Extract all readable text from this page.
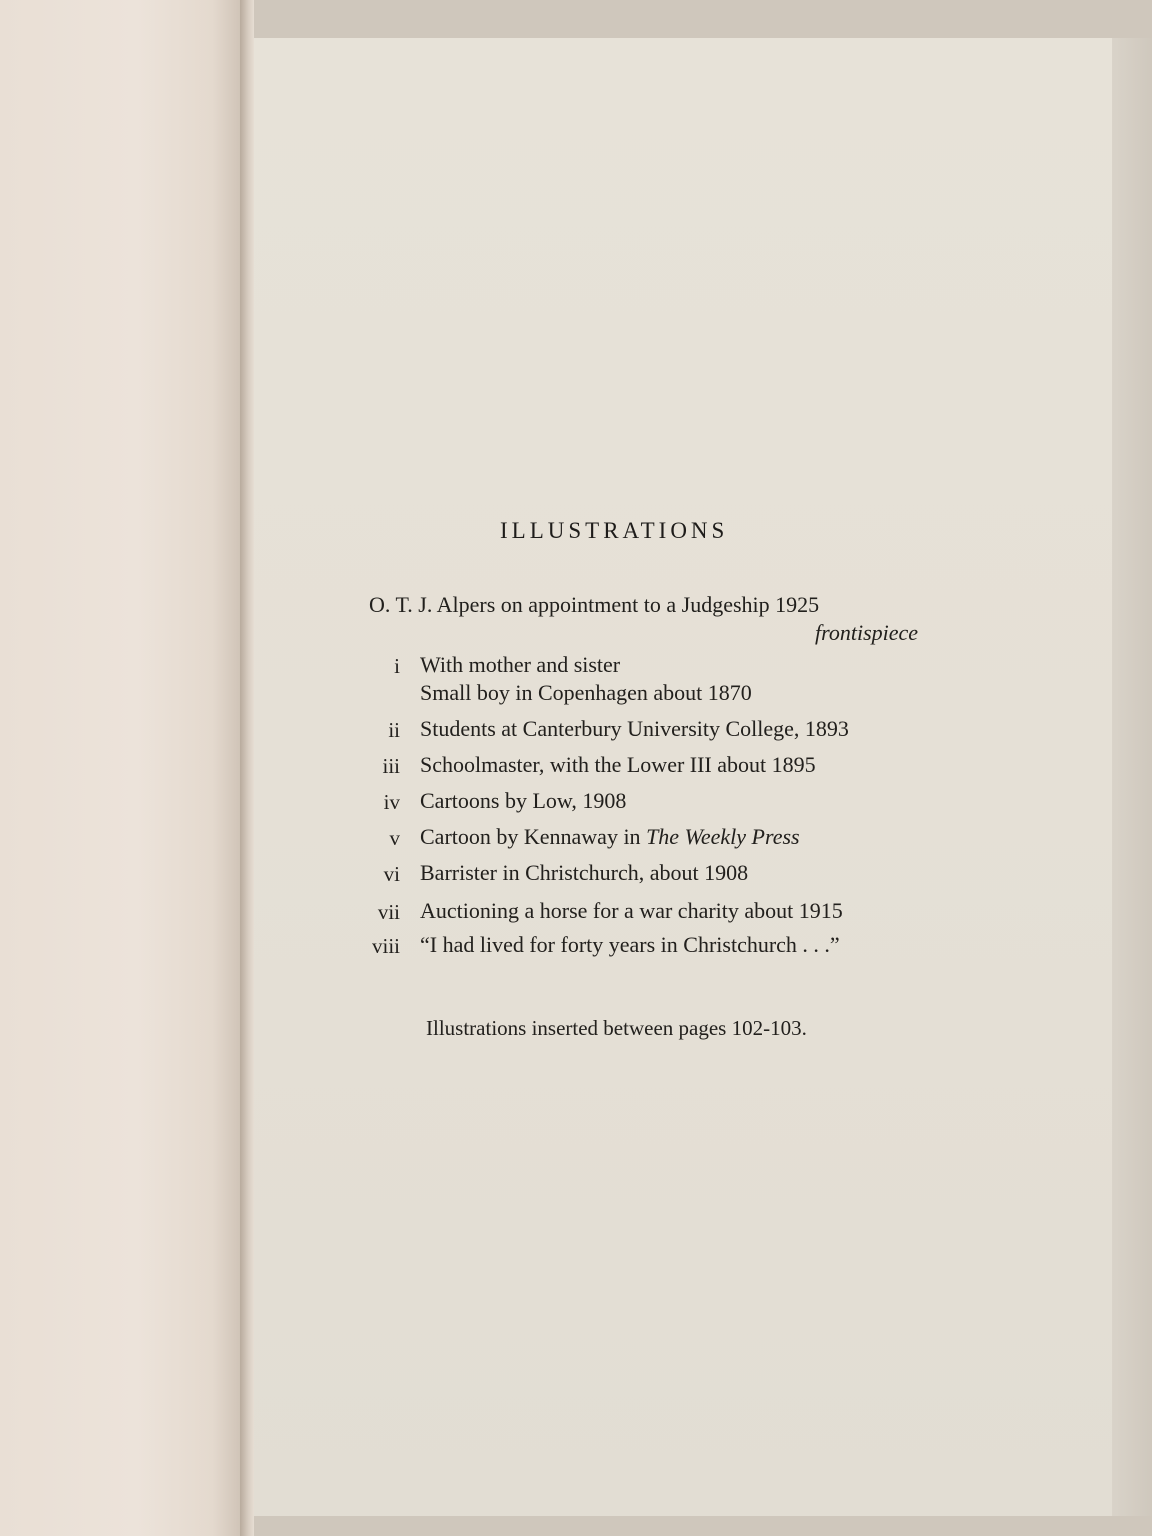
ILLUSTRATIONS
O. T. J. Alpers on appointment to a Judgeship 1925
frontispiece
i With mother and sister
Small boy in Copenhagen about 1870
ii Students at Canterbury University College, 1893
iii Schoolmaster, with the Lower III about 1895
iv Cartoons by Low, 1908
v Cartoon by Kennaway in The Weekly Press
vi Barrister in Christchurch, about 1908
vii Auctioning a horse for a war charity about 1915
viii “I had lived for forty years in Christchurch . . .”
Illustrations inserted between pages 102-103.
